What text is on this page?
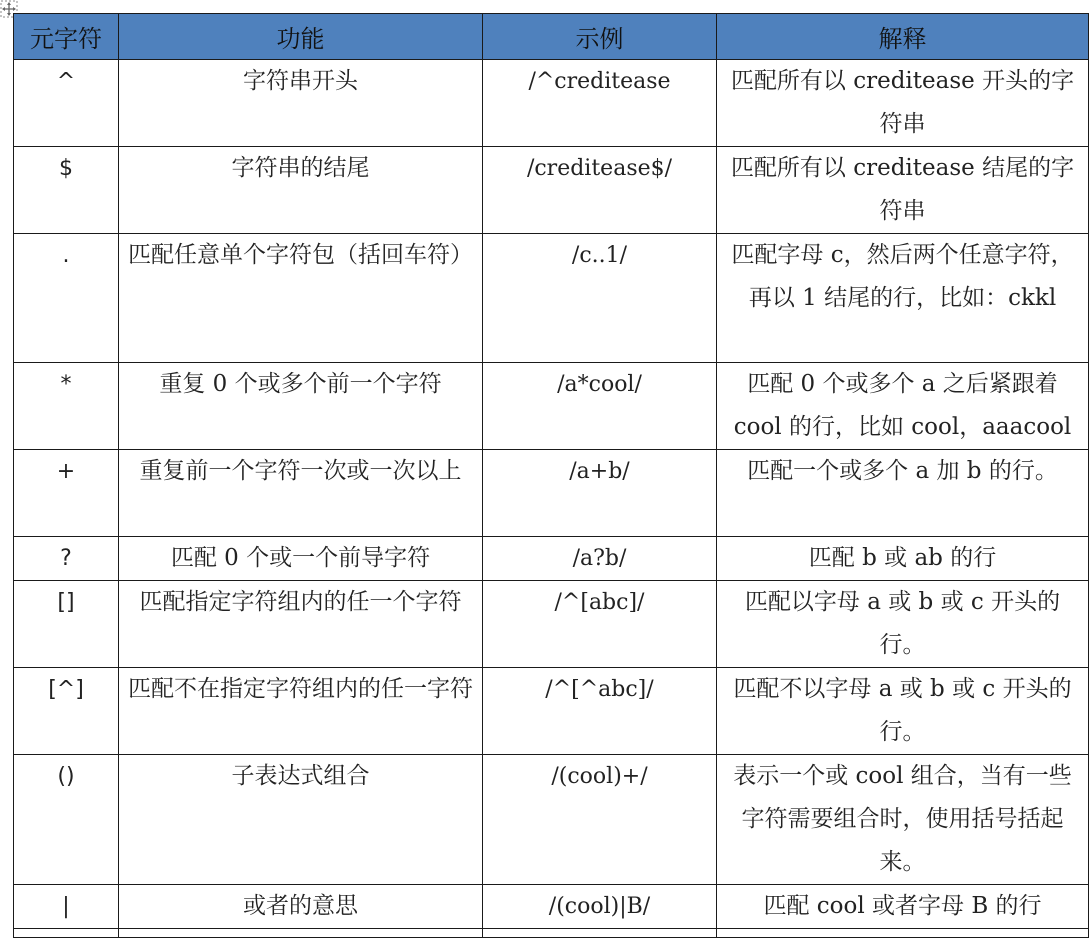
元字符	功能	示例	解释
^	字符串开头	/^creditease	匹配所有以 creditease 开头的字符串
$	字符串的结尾	/creditease$/	匹配所有以 creditease 结尾的字符串
.	匹配任意单个字符包（括回车符）	/c..1/	匹配字母 c，然后两个任意字符，再以 1 结尾的行，比如：ckkl
*	重复 0 个或多个前一个字符	/a*cool/	匹配 0 个或多个 a 之后紧跟着 cool 的行，比如 cool，aaacool
+	重复前一个字符一次或一次以上	/a+b/	匹配一个或多个 a 加 b 的行。
?	匹配 0 个或一个前导字符	/a?b/	匹配 b 或 ab 的行
[]	匹配指定字符组内的任一个字符	/^[abc]/	匹配以字母 a 或 b 或 c 开头的行。
[^]	匹配不在指定字符组内的任一字符	/^[^abc]/	匹配不以字母 a 或 b 或 c 开头的行。
()	子表达式组合	/(cool)+/	表示一个或 cool 组合，当有一些字符需要组合时，使用括号括起来。
|	或者的意思	/(cool)|B/	匹配 cool 或者字母 B 的行
